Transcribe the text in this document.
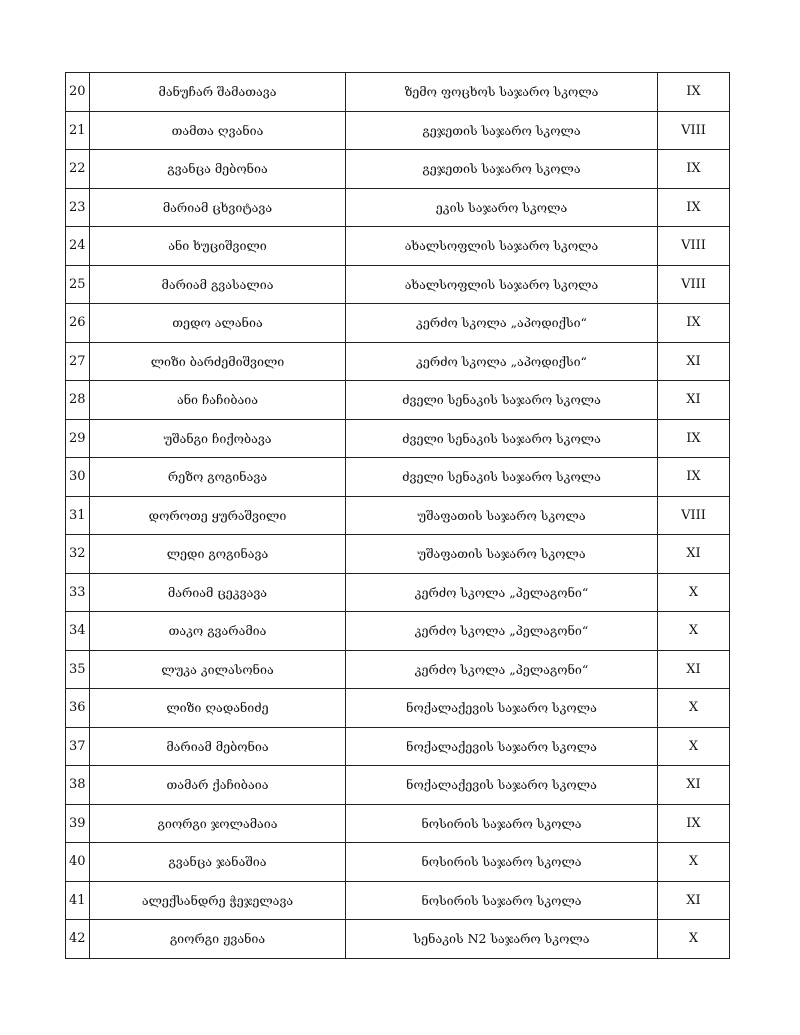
20	მანუჩარ შამათავა	ზემო ფოცხოს საჯარო სკოლა	IX
21	თამთა ღვანია	გეჯეთის საჯარო სკოლა	VIII
22	გვანცა მებონია	გეჯეთის საჯარო სკოლა	IX
23	მარიამ ცხვიტავა	ეკის საჯარო სკოლა	IX
24	ანი ხუციშვილი	ახალსოფლის საჯარო სკოლა	VIII
25	მარიამ გვასალია	ახალსოფლის საჯარო სკოლა	VIII
26	თედო ალანია	კერძო სკოლა „აპოდიქსი“	IX
27	ლიზი ბარძემიშვილი	კერძო სკოლა „აპოდიქსი“	XI
28	ანი ჩაჩიბაია	ძველი სენაკის საჯარო სკოლა	XI
29	უშანგი ჩიქობავა	ძველი სენაკის საჯარო სკოლა	IX
30	რეზო გოგინავა	ძველი სენაკის საჯარო სკოლა	IX
31	დოროთე ყურაშვილი	უშაფათის საჯარო სკოლა	VIII
32	ლედი გოგინავა	უშაფათის საჯარო სკოლა	XI
33	მარიამ ცეკვავა	კერძო სკოლა „პელაგონი“	X
34	თაკო გვარამია	კერძო სკოლა „პელაგონი“	X
35	ლუკა კილასონია	კერძო სკოლა „პელაგონი“	XI
36	ლიზი ღადანიძე	ნოქალაქევის საჯარო სკოლა	X
37	მარიამ მებონია	ნოქალაქევის საჯარო სკოლა	X
38	თამარ ქაჩიბაია	ნოქალაქევის საჯარო სკოლა	XI
39	გიორგი ჯოლამაია	ნოსირის საჯარო სკოლა	IX
40	გვანცა ჯანაშია	ნოსირის საჯარო სკოლა	X
41	ალექსანდრე ჭეჯელავა	ნოსირის საჯარო სკოლა	XI
42	გიორგი ჟვანია	სენაკის N2 საჯარო სკოლა	X
